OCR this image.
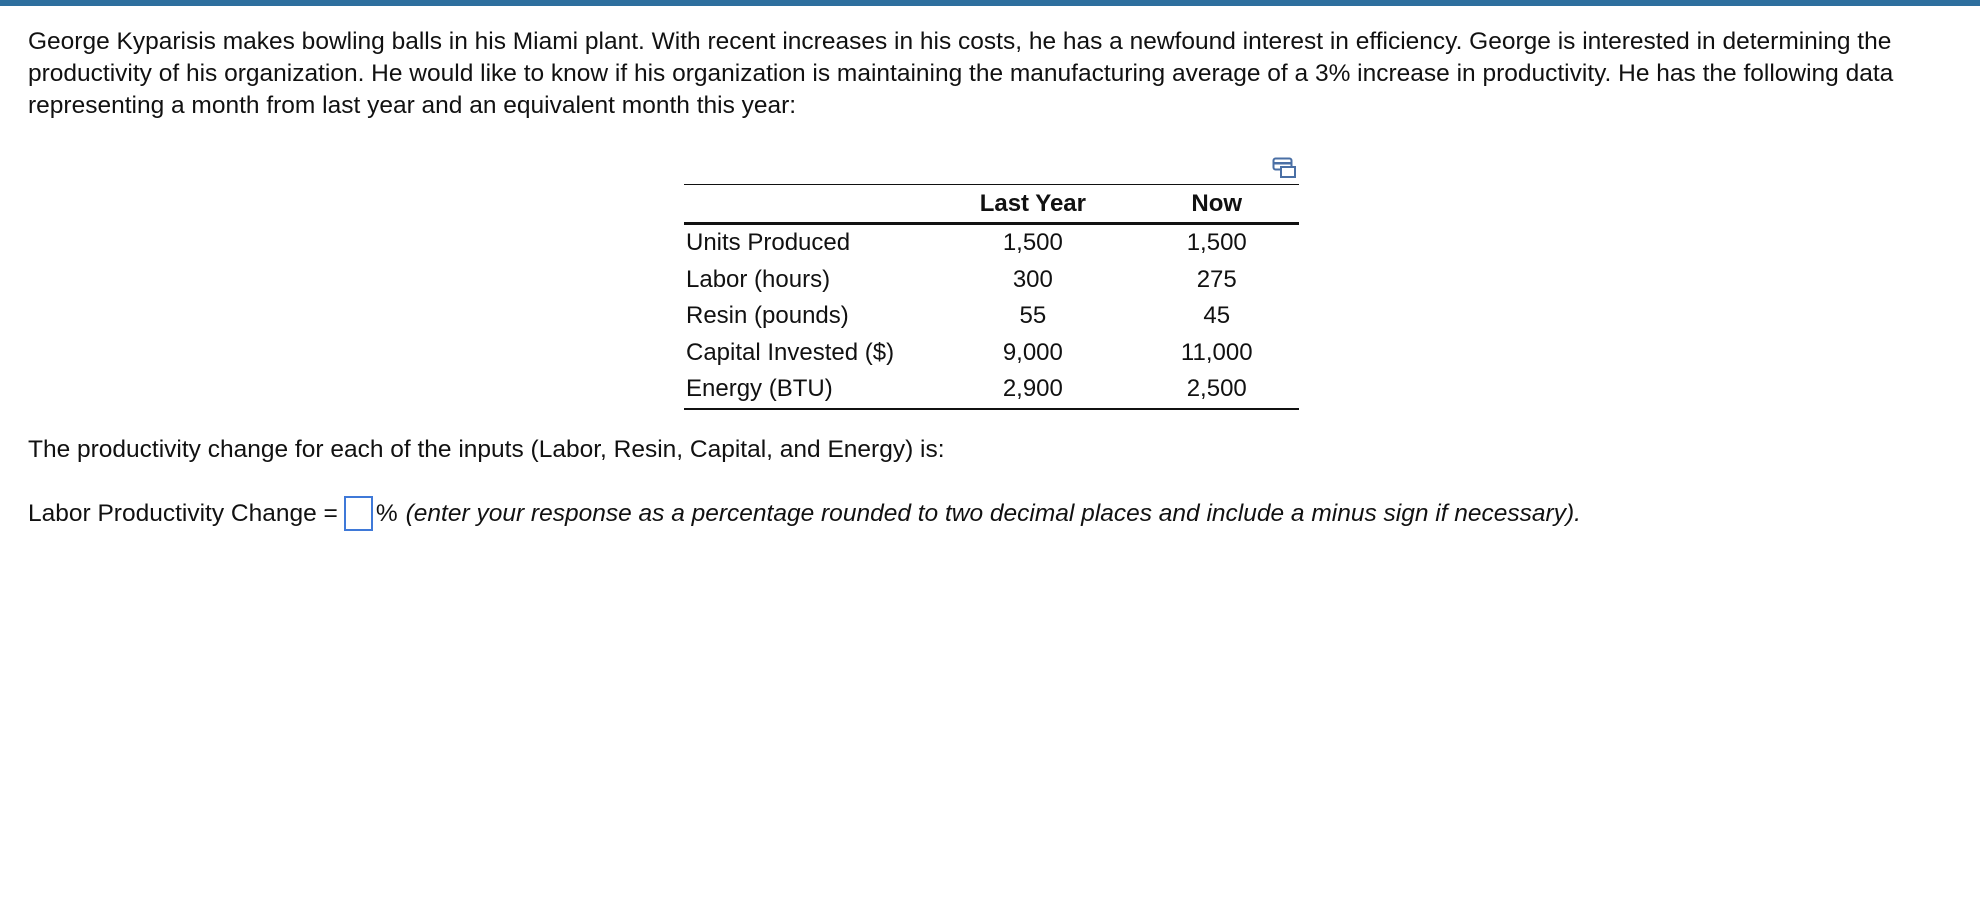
George Kyparisis makes bowling balls in his Miami plant. With recent increases in his costs, he has a newfound interest in efficiency. George is interested in determining the productivity of his organization. He would like to know if his organization is maintaining the manufacturing average of a 3% increase in productivity. He has the following data representing a month from last year and an equivalent month this year:

	Last Year	Now
Units Produced	1,500	1,500
Labor (hours)	300	275
Resin (pounds)	55	45
Capital Invested ($)	9,000	11,000
Energy (BTU)	2,900	2,500

The productivity change for each of the inputs (Labor, Resin, Capital, and Energy) is:

Labor Productivity Change = % (enter your response as a percentage rounded to two decimal places and include a minus sign if necessary).
